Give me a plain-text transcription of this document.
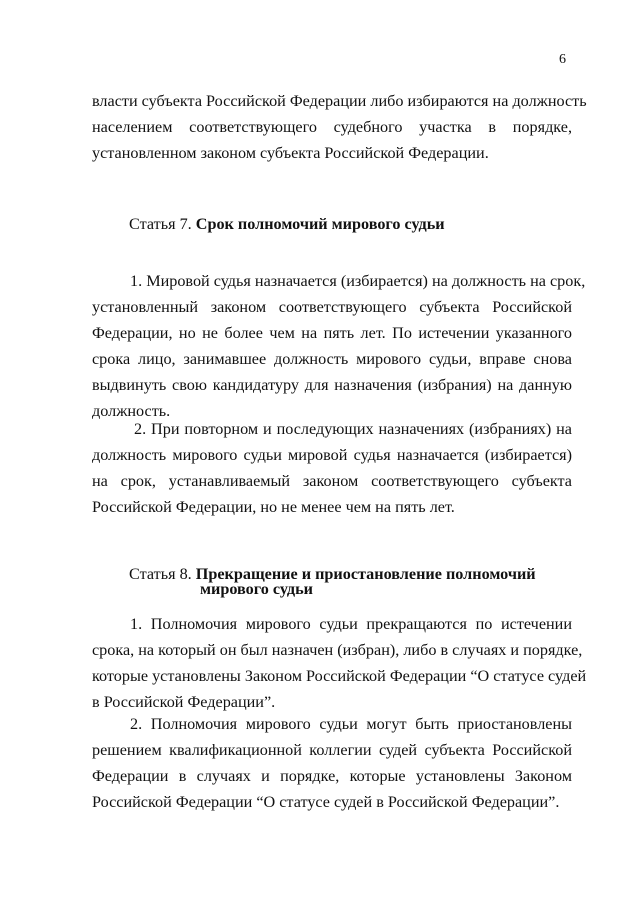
6
власти субъекта Российской Федерации либо избираются на должность
населением соответствующего судебного участка в порядке,
установленном законом субъекта Российской Федерации.
Статья 7. Срок полномочий мирового судьи
1. Мировой судья назначается (избирается) на должность на срок,
установленный законом соответствующего субъекта Российской
Федерации, но не более чем на пять лет. По истечении указанного
срока лицо, занимавшее должность мирового судьи, вправе снова
выдвинуть свою кандидатуру для назначения (избрания) на данную
должность.
2. При повторном и последующих назначениях (избраниях) на
должность мирового судьи мировой судья назначается (избирается)
на срок, устанавливаемый законом соответствующего субъекта
Российской Федерации, но не менее чем на пять лет.
Статья 8. Прекращение и приостановление полномочий
мирового судьи
1. Полномочия мирового судьи прекращаются по истечении
срока, на который он был назначен (избран), либо в случаях и порядке,
которые установлены Законом Российской Федерации “О статусе судей
в Российской Федерации”.
2. Полномочия мирового судьи могут быть приостановлены
решением квалификационной коллегии судей субъекта Российской
Федерации в случаях и порядке, которые установлены Законом
Российской Федерации “О статусе судей в Российской Федерации”.
